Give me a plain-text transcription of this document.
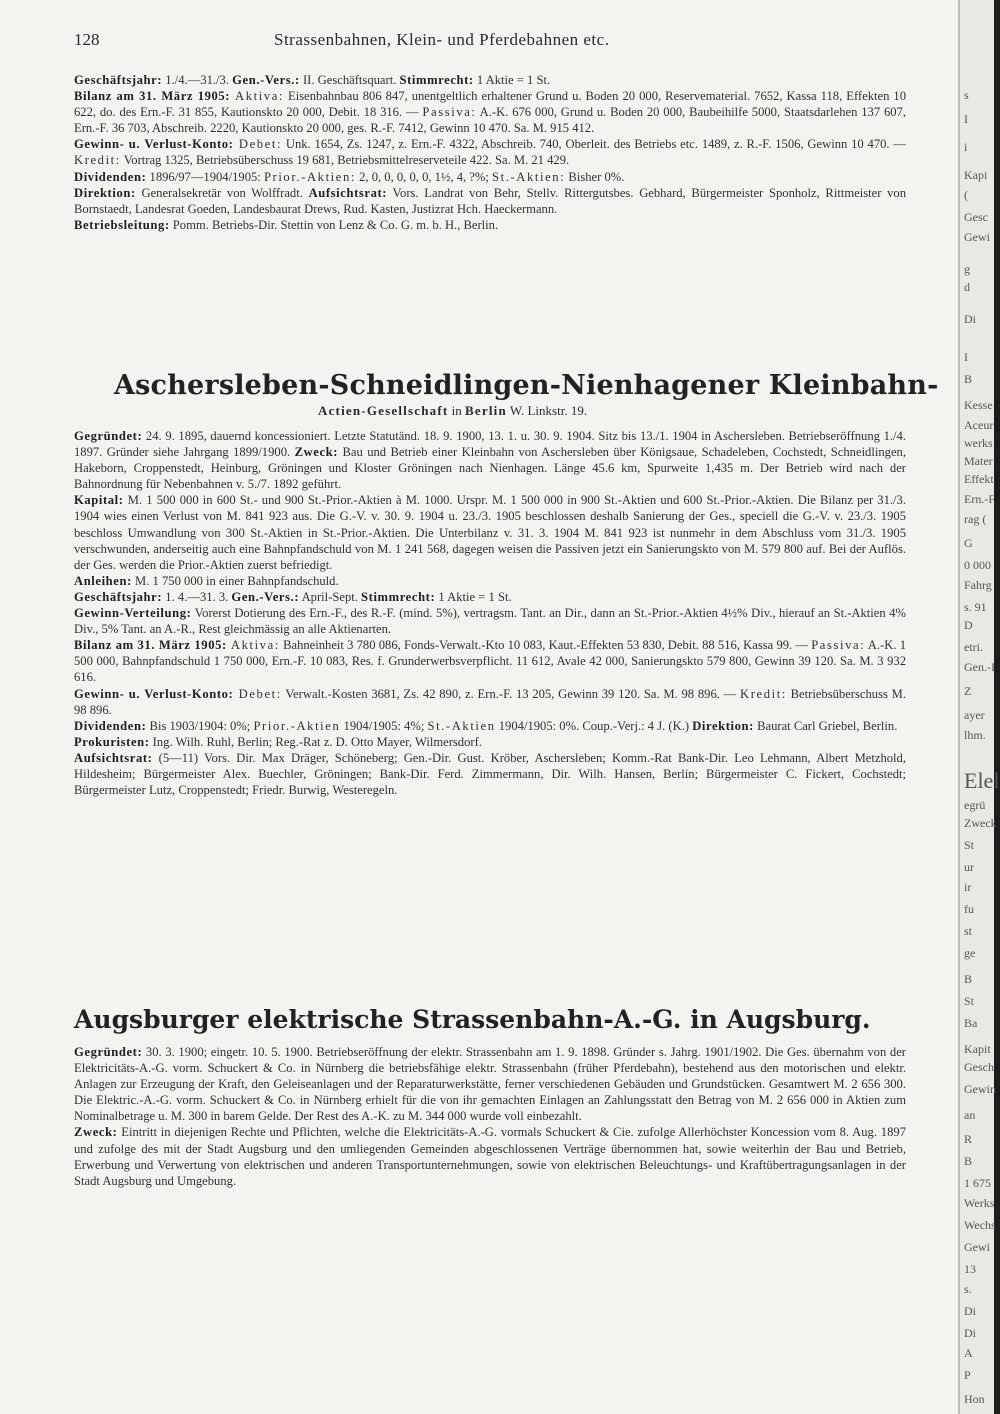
128	Strassenbahnen, Klein- und Pferdebahnen etc.

Geschäftsjahr: 1./4.—31./3. Gen.-Vers.: II. Geschäftsquart. Stimmrecht: 1 Aktie = 1 St.

Bilanz am 31. März 1905: Aktiva: Eisenbahnbau 806 847, unentgeltlich erhaltener Grund u. Boden 20 000, Reservematerial. 7652, Kassa 118, Effekten 10 622, do. des Ern.-F. 31 855, Kautionskto 20 000, Debit. 18 316. — Passiva: A.-K. 676 000, Grund u. Boden 20 000, Baubeihilfe 5000, Staatsdarlehen 137 607, Ern.-F. 36 703, Abschreib. 2220, Kautionskto 20 000, ges. R.-F. 7412, Gewinn 10 470. Sa. M. 915 412.

Gewinn- u. Verlust-Konto: Debet: Unk. 1654, Zs. 1247, z. Ern.-F. 4322, Abschreib. 740, Oberleit. des Betriebs etc. 1489, z. R.-F. 1506, Gewinn 10 470. — Kredit: Vortrag 1325, Betriebsüberschuss 19 681, Betriebsmittelreserveteile 422. Sa. M. 21 429.

Dividenden: 1896/97—1904/1905: Prior.-Aktien: 2, 0, 0, 0, 0, 0, 1½, 4, ?%; St.-Aktien: Bisher 0%.

Direktion: Generalsekretär von Wolffradt. Aufsichtsrat: Vors. Landrat von Behr, Stellv. Rittergutsbes. Gebhard, Bürgermeister Sponholz, Rittmeister von Bornstaedt, Landesrat Goeden, Landesbaurat Drews, Rud. Kasten, Justizrat Hch. Haeckermann.

Betriebsleitung: Pomm. Betriebs-Dir. Stettin von Lenz & Co. G. m. b. H., Berlin.

Aschersleben-Schneidlingen-Nienhagener Kleinbahn-
Actien-Gesellschaft in Berlin W. Linkstr. 19.

Gegründet: 24. 9. 1895, dauernd koncessioniert. Letzte Statutänd. 18. 9. 1900, 13. 1. u. 30. 9. 1904. Sitz bis 13./1. 1904 in Aschersleben. Betriebseröffnung 1./4. 1897. Gründer siehe Jahrgang 1899/1900. Zweck: Bau und Betrieb einer Kleinbahn von Aschersleben über Königsaue, Schadeleben, Cochstedt, Schneidlingen, Hakeborn, Croppenstedt, Heinburg, Gröningen und Kloster Gröningen nach Nienhagen. Länge 45.6 km, Spurweite 1,435 m. Der Betrieb wird nach der Bahnordnung für Nebenbahnen v. 5./7. 1892 geführt.

Kapital: M. 1 500 000 in 600 St.- und 900 St.-Prior.-Aktien à M. 1000. Urspr. M. 1 500 000 in 900 St.-Aktien und 600 St.-Prior.-Aktien. Die Bilanz per 31./3. 1904 wies einen Verlust von M. 841 923 aus. Die G.-V. v. 30. 9. 1904 u. 23./3. 1905 beschlossen deshalb Sanierung der Ges., speciell die G.-V. v. 23./3. 1905 beschloss Umwandlung von 300 St.-Aktien in St.-Prior.-Aktien. Die Unterbilanz v. 31. 3. 1904 M. 841 923 ist nunmehr in dem Abschluss vom 31./3. 1905 verschwunden, anderseitig auch eine Bahnpfandschuld von M. 1 241 568, dagegen weisen die Passiven jetzt ein Sanierungskto von M. 579 800 auf. Bei der Auflös. der Ges. werden die Prior.-Aktien zuerst befriedigt.

Anleihen: M. 1 750 000 in einer Bahnpfandschuld.

Geschäftsjahr: 1. 4.—31. 3. Gen.-Vers.: April-Sept. Stimmrecht: 1 Aktie = 1 St.

Gewinn-Verteilung: Vorerst Dotierung des Ern.-F., des R.-F. (mind. 5%), vertragsm. Tant. an Dir., dann an St.-Prior.-Aktien 4½% Div., hierauf an St.-Aktien 4% Div., 5% Tant. an A.-R., Rest gleichmässig an alle Aktienarten.

Bilanz am 31. März 1905: Aktiva: Bahneinheit 3 780 086, Fonds-Verwalt.-Kto 10 083, Kaut.-Effekten 53 830, Debit. 88 516, Kassa 99. — Passiva: A.-K. 1 500 000, Bahnpfandschuld 1 750 000, Ern.-F. 10 083, Res. f. Grunderwerbsverpflicht. 11 612, Avale 42 000, Sanierungskto 579 800, Gewinn 39 120. Sa. M. 3 932 616.

Gewinn- u. Verlust-Konto: Debet: Verwalt.-Kosten 3681, Zs. 42 890, z. Ern.-F. 13 205, Gewinn 39 120. Sa. M. 98 896. — Kredit: Betriebsüberschuss M. 98 896.

Dividenden: Bis 1903/1904: 0%; Prior.-Aktien 1904/1905: 4%; St.-Aktien 1904/1905: 0%. Coup.-Verj.: 4 J. (K.) Direktion: Baurat Carl Griebel, Berlin.

Prokuristen: Ing. Wilh. Ruhl, Berlin; Reg.-Rat z. D. Otto Mayer, Wilmersdorf.

Aufsichtsrat: (5—11) Vors. Dir. Max Dräger, Schöneberg; Gen.-Dir. Gust. Kröber, Aschersleben; Komm.-Rat Bank-Dir. Leo Lehmann, Albert Metzhold, Hildesheim; Bürgermeister Alex. Buechler, Gröningen; Bank-Dir. Ferd. Zimmermann, Dir. Wilh. Hansen, Berlin; Bürgermeister C. Fickert, Cochstedt; Bürgermeister Lutz, Croppenstedt; Friedr. Burwig, Westeregeln.

Augsburger elektrische Strassenbahn-A.-G. in Augsburg.

Gegründet: 30. 3. 1900; eingetr. 10. 5. 1900. Betriebseröffnung der elektr. Strassenbahn am 1. 9. 1898. Gründer s. Jahrg. 1901/1902. Die Ges. übernahm von der Elektricitäts-A.-G. vorm. Schuckert & Co. in Nürnberg die betriebsfähige elektr. Strassenbahn (früher Pferdebahn), bestehend aus den motorischen und elektr. Anlagen zur Erzeugung der Kraft, den Geleiseanlagen und der Reparaturwerkstätte, ferner verschiedenen Gebäuden und Grundstücken. Gesamtwert M. 2 656 300. Die Elektric.-A.-G. vorm. Schuckert & Co. in Nürnberg erhielt für die von ihr gemachten Einlagen an Zahlungsstatt den Betrag von M. 2 656 000 in Aktien zum Nominalbetrage u. M. 300 in barem Gelde. Der Rest des A.-K. zu M. 344 000 wurde voll einbezahlt.

Zweck: Eintritt in diejenigen Rechte und Pflichten, welche die Elektricitäts-A.-G. vormals Schuckert & Cie. zufolge Allerhöchster Koncession vom 8. Aug. 1897 und zufolge des mit der Stadt Augsburg und den umliegenden Gemeinden abgeschlossenen Verträge übernommen hat, sowie weiterhin der Bau und Betrieb, Erwerbung und Verwertung von elektrischen und anderen Transportunternehmungen, sowie von elektrischen Beleuchtungs- und Kraftübertragungsanlagen in der Stadt Augsburg und Umgebung.

s
I
i
Kapi
(
Gesc
Gewi
g
d
Di
I
B
Kesse
Aceur
werks
Mater
Effekt
Ern.-F
rag (
G
0 000
Fahrg
s. 91
D
etri.
Gen.-I
Z
ayer
lhm.
Elel
egrü
Zweck
St
ur
ir
fu
st
ge
B
St
Ba
Kapit
Gesch
Gewin
an
R
B
1 675
Werks
Wechs
Gewi
13
s.
Di
Di
A
P
Hon
